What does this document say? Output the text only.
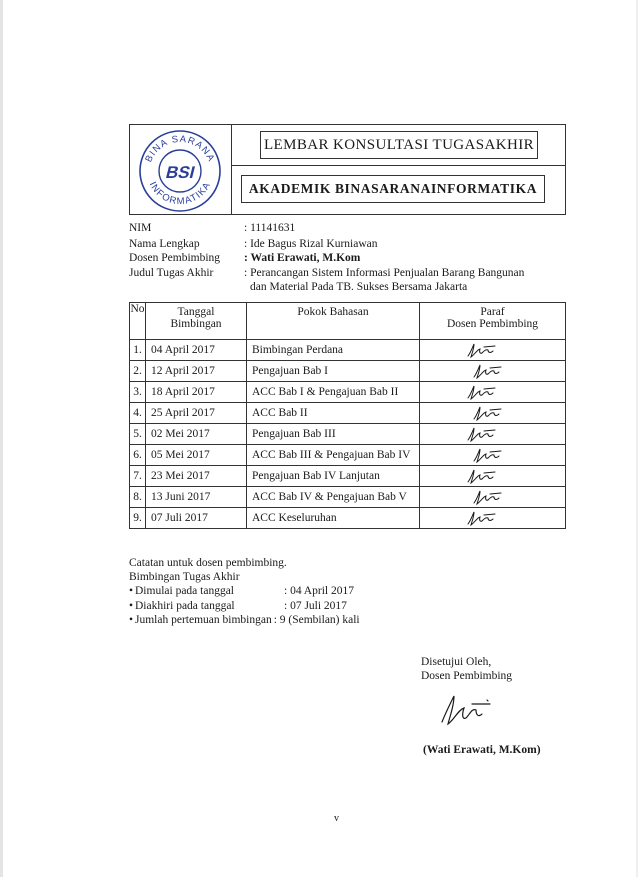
BINA SARANA
INFORMATIKA
BSI
LEMBAR KONSULTASI TUGASAKHIR
AKADEMIK BINASARANAINFORMATIKA
NIM	: 11141631
Nama Lengkap	: Ide Bagus Rizal Kurniawan
Dosen Pembimbing : Wati Erawati, M.Kom
Judul Tugas Akhir	: Perancangan Sistem Informasi Penjualan Barang Bangunan
dan Material Pada TB. Sukses Bersama Jakarta
No	Tanggal Bimbingan	Pokok Bahasan	Paraf
Dosen Pembimbing

1.	04 April 2017	Bimbingan Perdana	

2.	12 April 2017	Pengajuan Bab I	

3.	18 April 2017	ACC Bab I & Pengajuan Bab II	

4.	25 April 2017	ACC Bab II	

5.	02 Mei 2017	Pengajuan Bab III	

6.	05 Mei 2017	ACC Bab III & Pengajuan Bab IV	

7.	23 Mei 2017	Pengajuan Bab IV Lanjutan	

8.	13 Juni 2017	ACC Bab IV & Pengajuan Bab V	

9.	07 Juli 2017	ACC Keseluruhan	
Catatan untuk dosen pembimbing.
Bimbingan Tugas Akhir
• Dimulai pada tanggal	: 04 April 2017
• Diakhiri pada tanggal	: 07 Juli 2017
• Jumlah pertemuan bimbingan : 9 (Sembilan) kali
Disetujui Oleh,
Dosen Pembimbing
(Wati Erawati, M.Kom)
v
